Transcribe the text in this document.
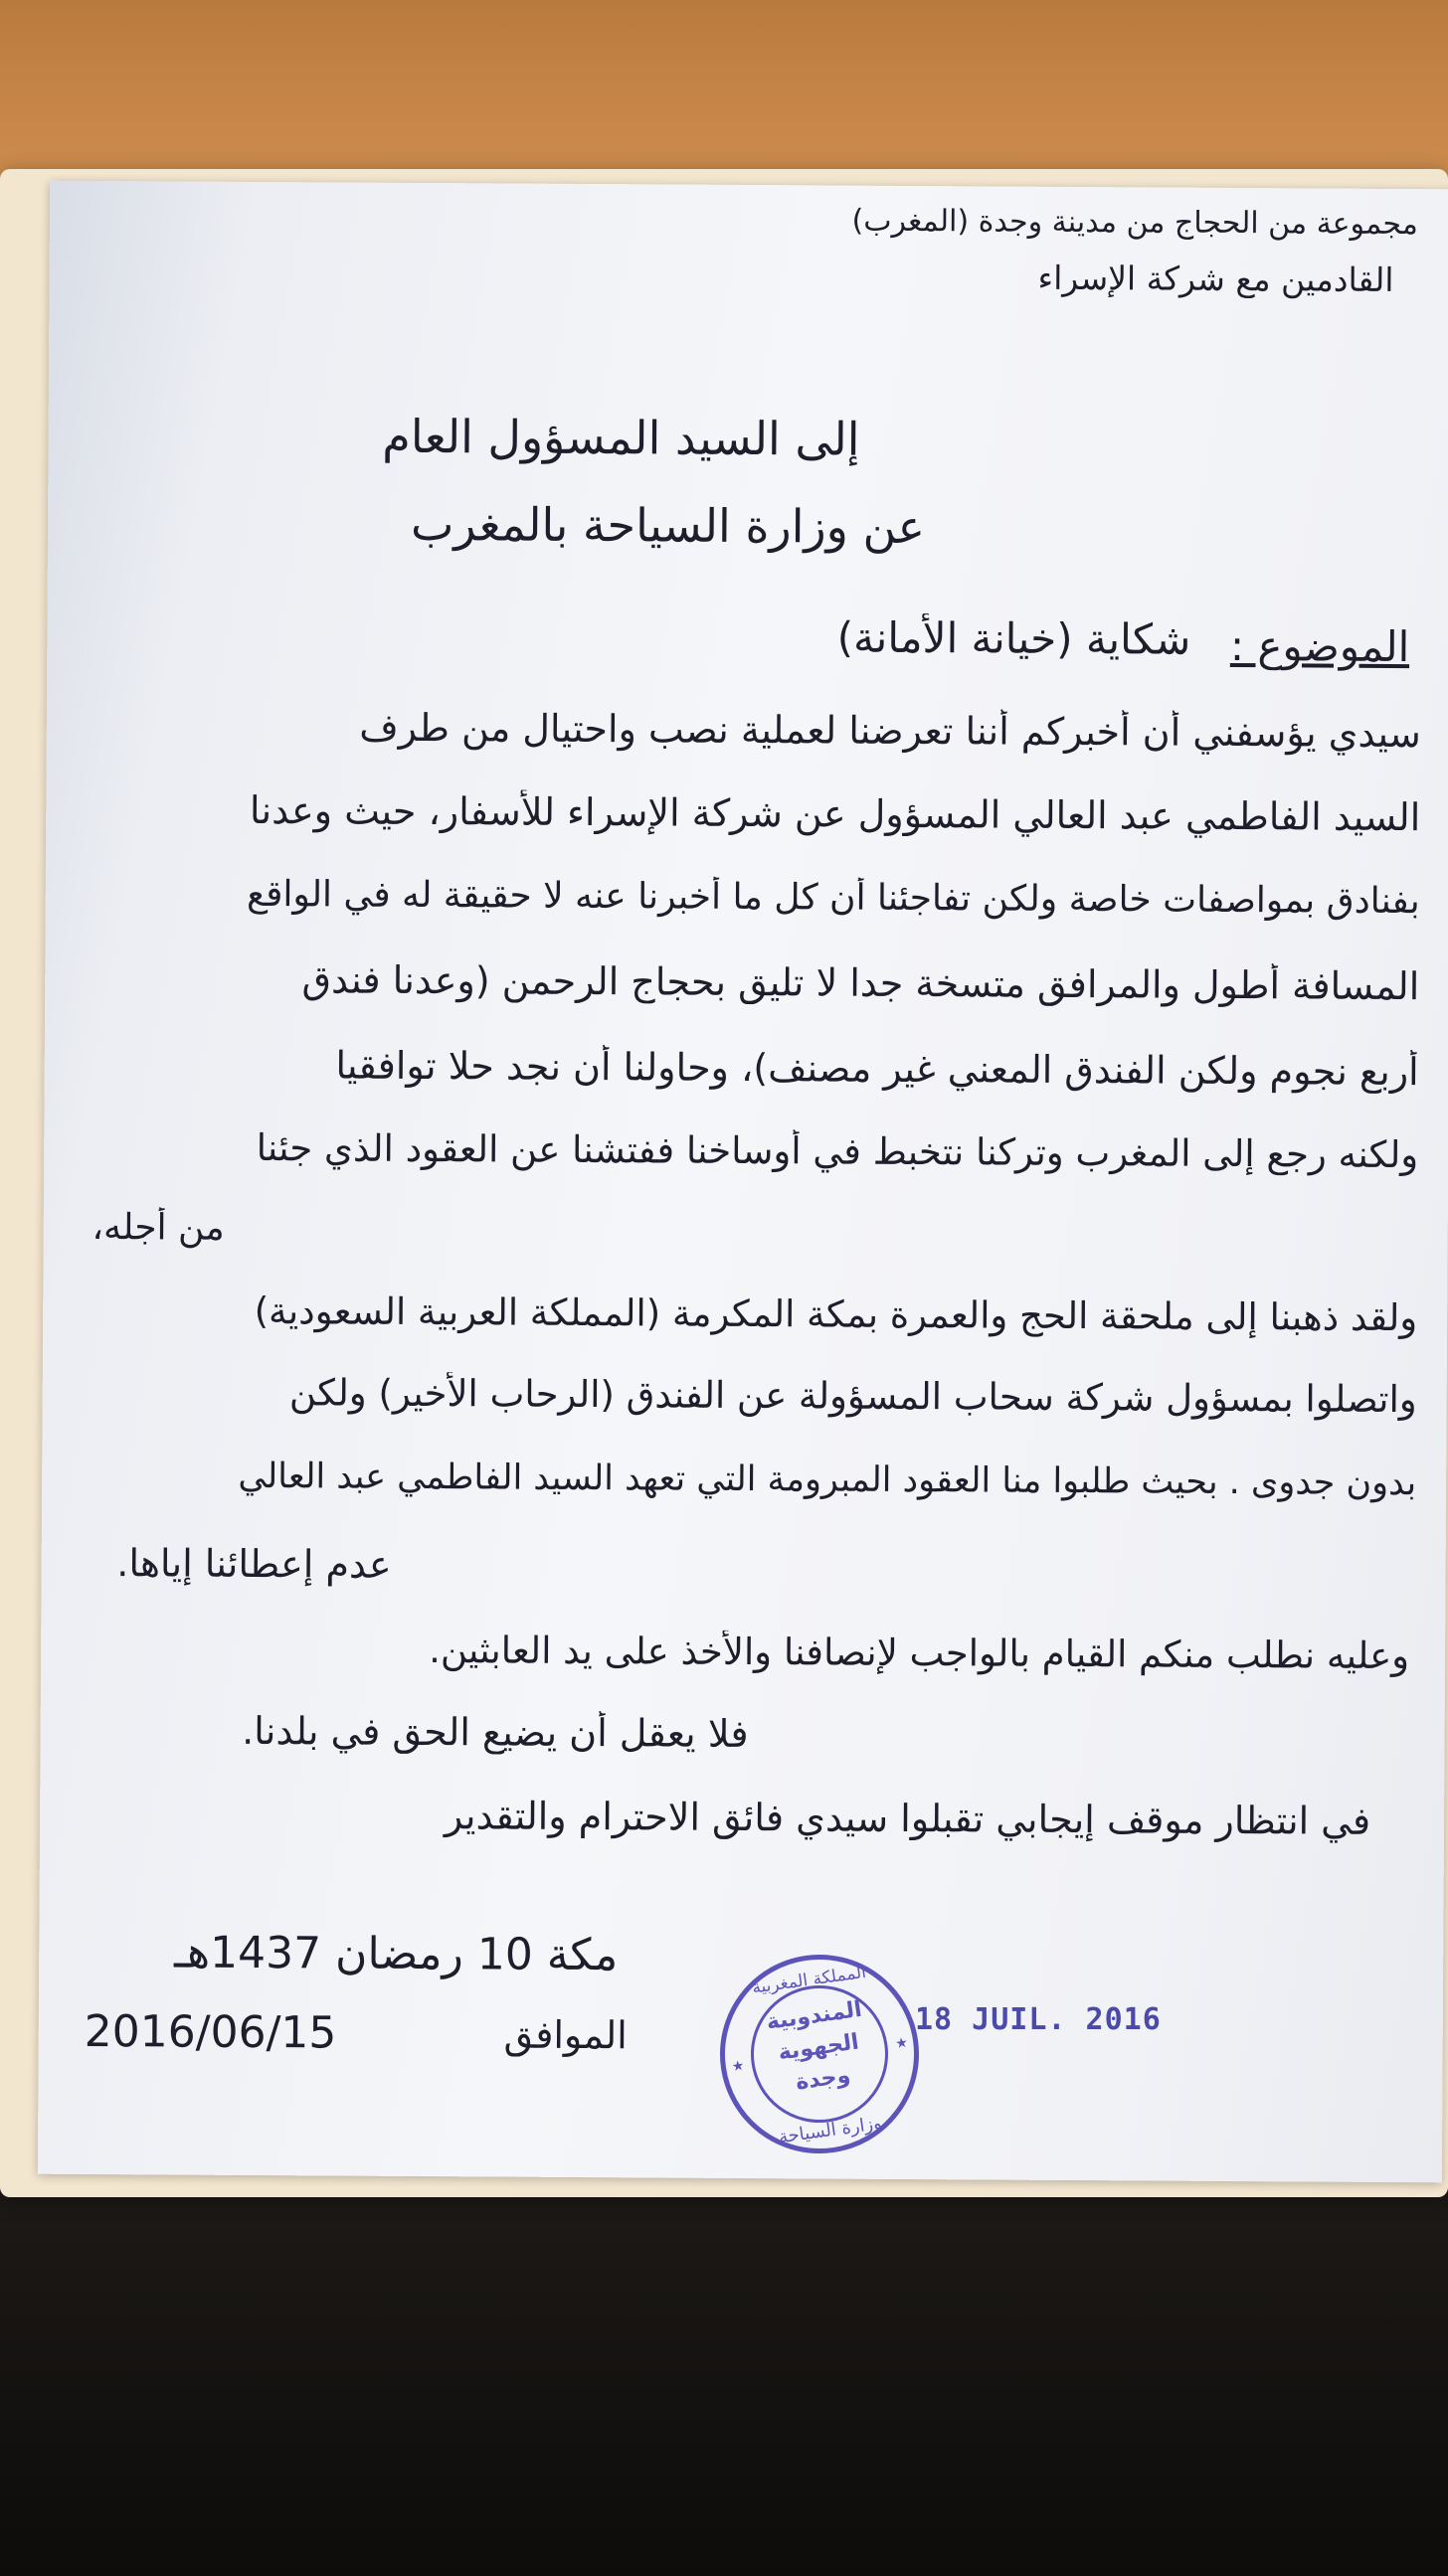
مجموعة من الحجاج من مدينة وجدة (المغرب)
القادمين مع شركة الإسراء
إلى السيد المسؤول العام
عن وزارة السياحة بالمغرب
الموضوع :
شكاية (خيانة الأمانة)
سيدي يؤسفني أن أخبركم أننا تعرضنا لعملية نصب واحتيال من طرف
السيد الفاطمي عبد العالي المسؤول عن شركة الإسراء للأسفار، حيث وعدنا
بفنادق بمواصفات خاصة ولكن تفاجئنا أن كل ما أخبرنا عنه لا حقيقة له في الواقع
المسافة أطول والمرافق متسخة جدا لا تليق بحجاج الرحمن (وعدنا فندق
أربع نجوم ولكن الفندق المعني غير مصنف)، وحاولنا أن نجد حلا توافقيا
ولكنه رجع إلى المغرب وتركنا نتخبط في أوساخنا ففتشنا عن العقود الذي جئنا
من أجله،
ولقد ذهبنا إلى ملحقة الحج والعمرة بمكة المكرمة (المملكة العربية السعودية)
واتصلوا بمسؤول شركة سحاب المسؤولة عن الفندق (الرحاب الأخير) ولكن
بدون جدوى . بحيث طلبوا منا العقود المبرومة التي تعهد السيد الفاطمي عبد العالي
عدم إعطائنا إياها.
وعليه نطلب منكم القيام بالواجب لإنصافنا والأخذ على يد العابثين.
فلا يعقل أن يضيع الحق في بلدنا.
في انتظار موقف إيجابي تقبلوا سيدي فائق الاحترام والتقدير
مكة 10 رمضان 1437هـ
الموافق
2016/06/15
المملكة المغربية
المندوبية
الجهوية
وجدة
وزارة السياحة
★
★
18 JUIL. 2016
